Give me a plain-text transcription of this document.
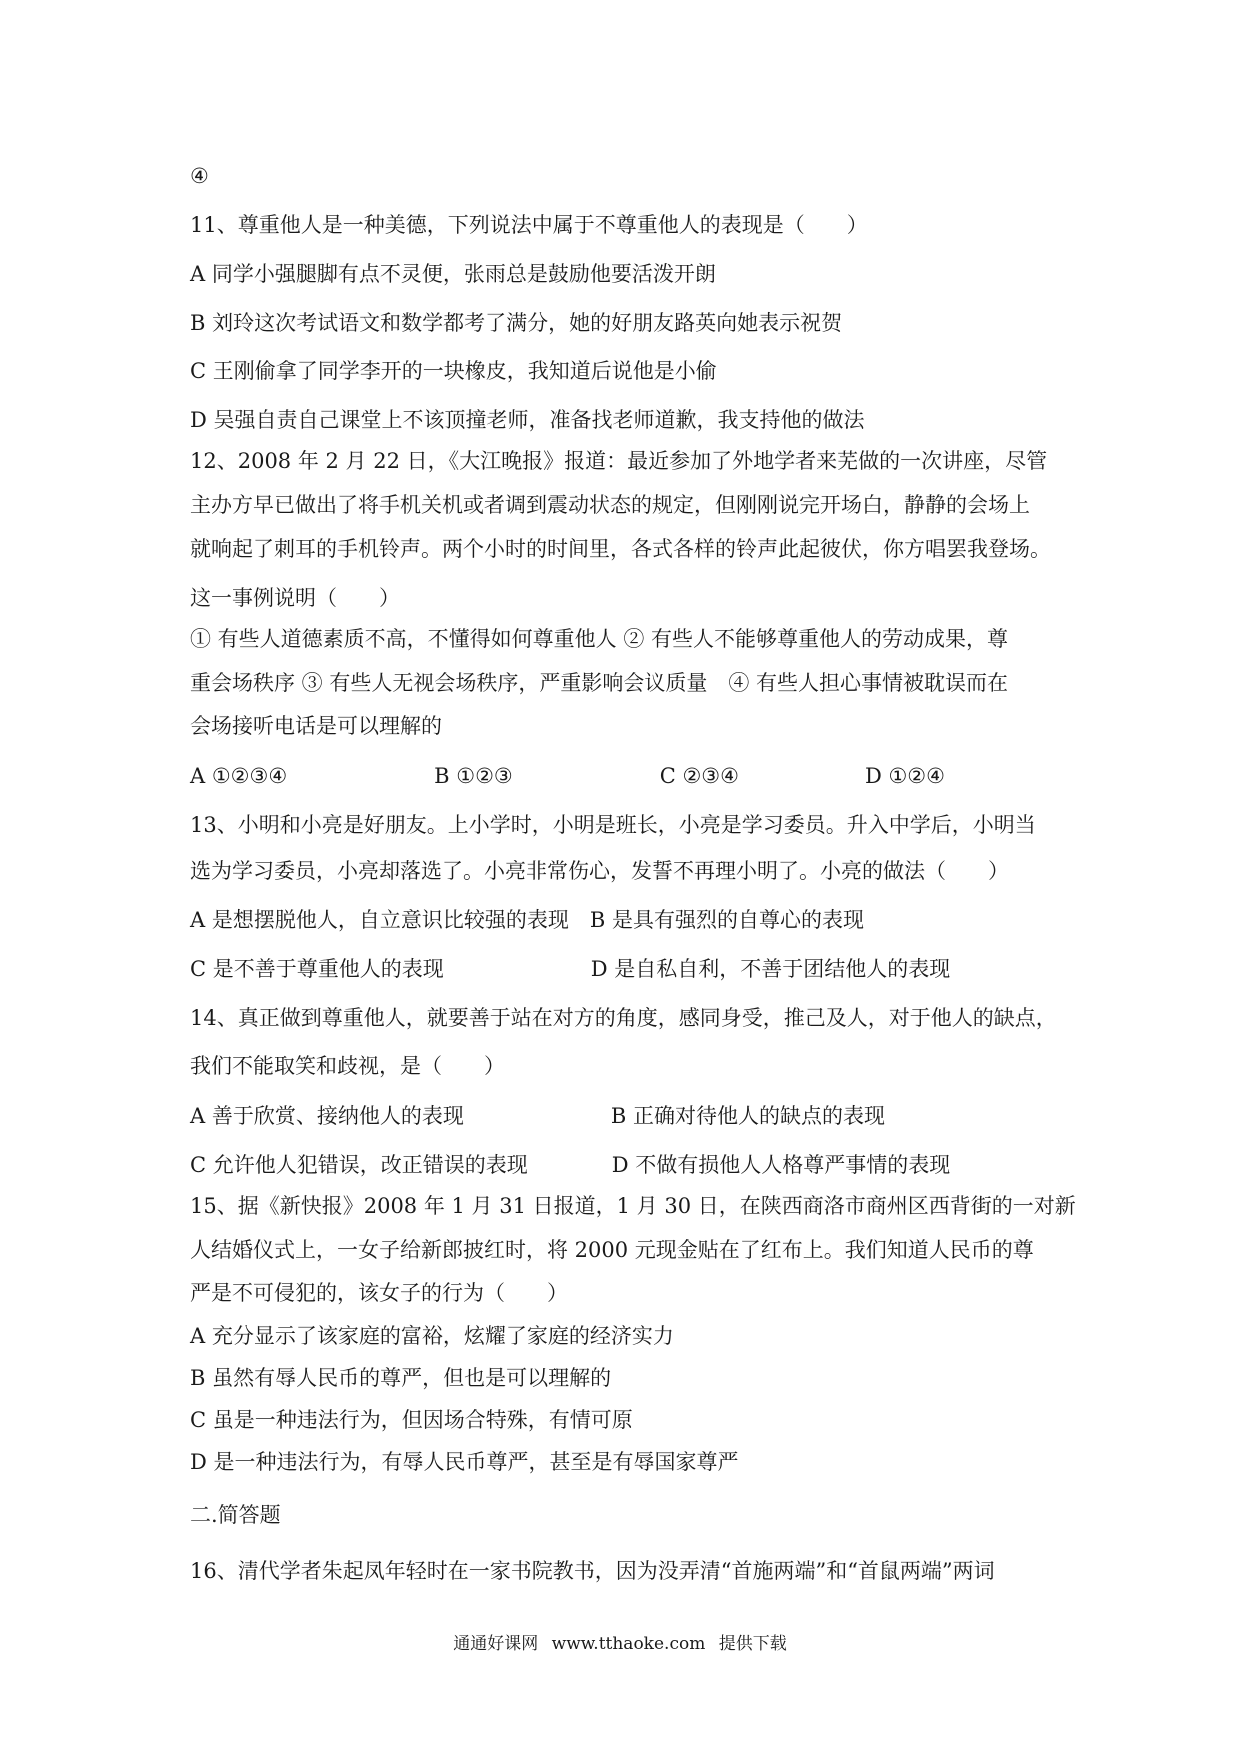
④
11、尊重他人是一种美德，下列说法中属于不尊重他人的表现是（　　）
A 同学小强腿脚有点不灵便，张雨总是鼓励他要活泼开朗
B 刘玲这次考试语文和数学都考了满分，她的好朋友路英向她表示祝贺
C 王刚偷拿了同学李开的一块橡皮，我知道后说他是小偷
D 吴强自责自己课堂上不该顶撞老师，准备找老师道歉，我支持他的做法
12、2008 年 2 月 22 日，《大江晚报》报道：最近参加了外地学者来芜做的一次讲座，尽管
主办方早已做出了将手机关机或者调到震动状态的规定，但刚刚说完开场白，静静的会场上
就响起了刺耳的手机铃声。两个小时的时间里，各式各样的铃声此起彼伏，你方唱罢我登场。
这一事例说明（　　）
① 有些人道德素质不高，不懂得如何尊重他人 ② 有些人不能够尊重他人的劳动成果，尊
重会场秩序 ③ 有些人无视会场秩序，严重影响会议质量　④ 有些人担心事情被耽误而在
会场接听电话是可以理解的
A ①②③④　　　　　　　B ①②③　　　　　　　C ②③④　　　　　　D ①②④
13、小明和小亮是好朋友。上小学时，小明是班长，小亮是学习委员。升入中学后，小明当
选为学习委员，小亮却落选了。小亮非常伤心，发誓不再理小明了。小亮的做法（　　）
A 是想摆脱他人，自立意识比较强的表现　B 是具有强烈的自尊心的表现
C 是不善于尊重他人的表现　　　　　　　D 是自私自利，不善于团结他人的表现
14、真正做到尊重他人，就要善于站在对方的角度，感同身受，推己及人，对于他人的缺点，
我们不能取笑和歧视，是（　　）
A 善于欣赏、接纳他人的表现　　　　　　　B 正确对待他人的缺点的表现
C 允许他人犯错误，改正错误的表现　　　　D 不做有损他人人格尊严事情的表现
15、据《新快报》2008 年 1 月 31 日报道，1 月 30 日，在陕西商洛市商州区西背街的一对新
人结婚仪式上，一女子给新郎披红时，将 2000 元现金贴在了红布上。我们知道人民币的尊
严是不可侵犯的，该女子的行为（　　）
A 充分显示了该家庭的富裕，炫耀了家庭的经济实力
B 虽然有辱人民币的尊严，但也是可以理解的
C 虽是一种违法行为，但因场合特殊，有情可原
D 是一种违法行为，有辱人民币尊严，甚至是有辱国家尊严
二.简答题
16、清代学者朱起凤年轻时在一家书院教书，因为没弄清“首施两端”和“首鼠两端”两词
通通好课网 www.tthaoke.com 提供下载
